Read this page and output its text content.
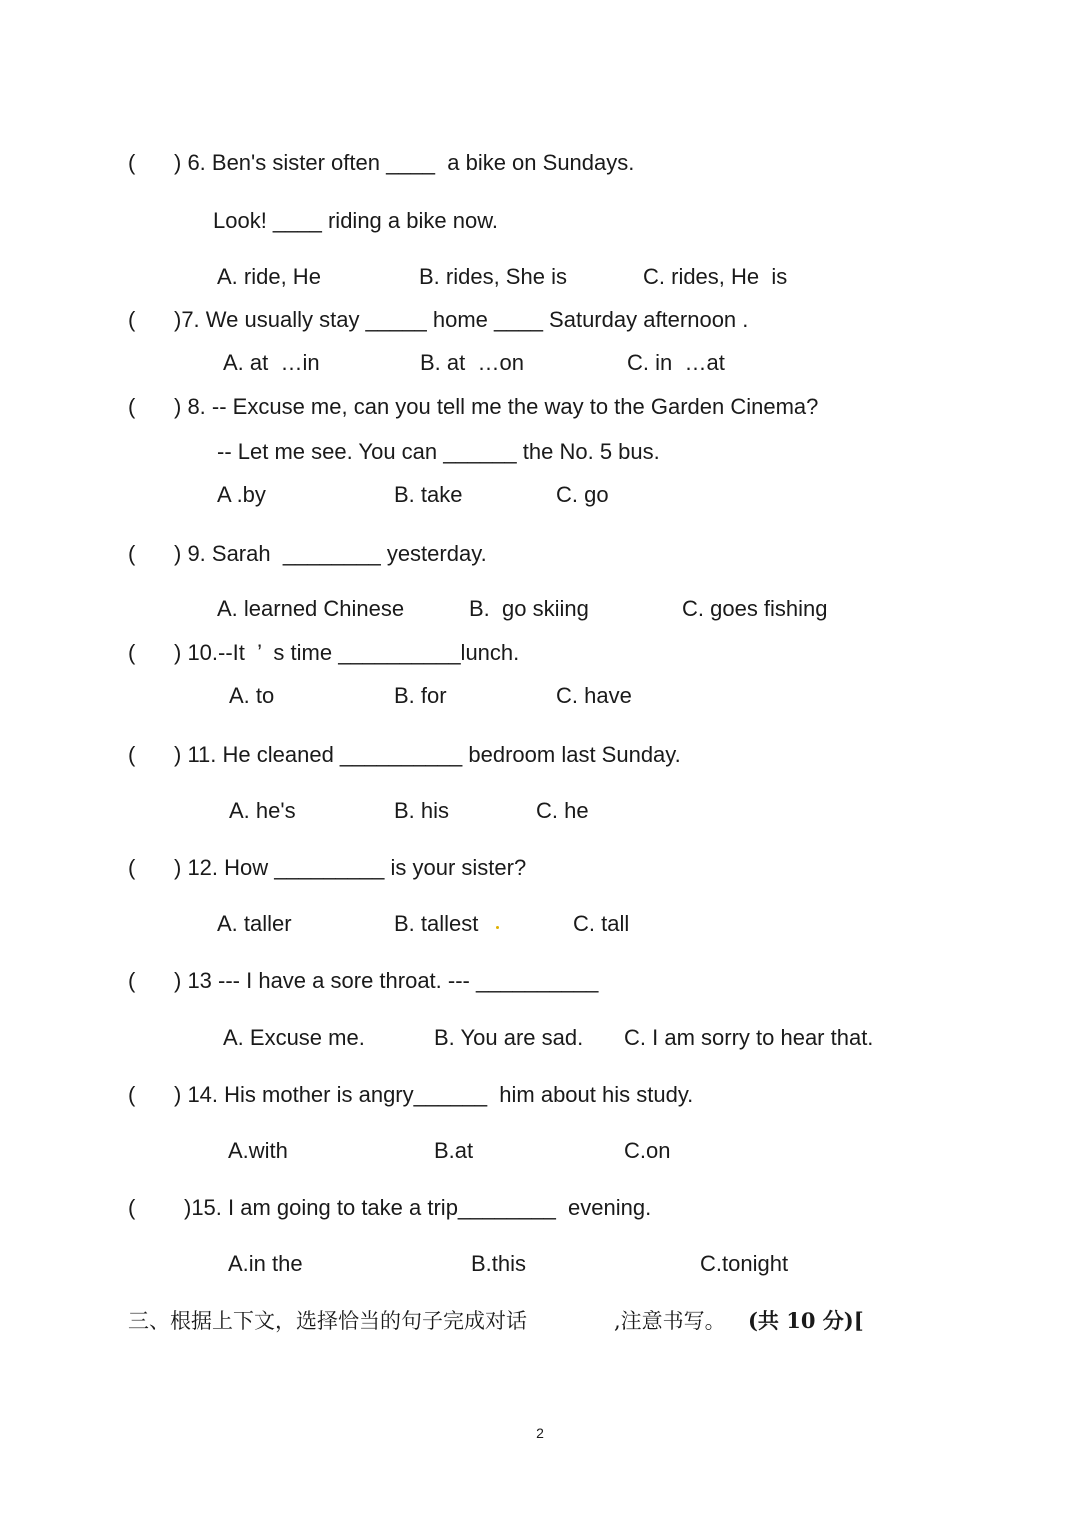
( ) 6. Ben's sister often ____  a bike on Sundays.
Look! ____ riding a bike now.
A. ride, He	B. rides, She is	C. rides, He  is
( )7. We usually stay _____ home ____ Saturday afternoon .
A. at  …in	B. at  …on	C. in  …at
( ) 8. -- Excuse me, can you tell me the way to the Garden Cinema?
-- Let me see. You can ______ the No. 5 bus.
A .by	B. take	C. go
( ) 9. Sarah  ________ yesterday.
A. learned Chinese	B.  go skiing	C. goes fishing
( ) 10.--It  ’  s time __________lunch.
A. to	B. for	C. have
( ) 11. He cleaned __________ bedroom last Sunday.
A. he's	B. his	C. he
( ) 12. How _________ is your sister?
A. taller	B. tallest	C. tall
( ) 13 --- I have a sore throat. --- __________
A. Excuse me.	B. You are sad. C. I am sorry to hear that.
( ) 14. His mother is angry______  him about his study.
A.with	B.at	C.on
( )15. I am going to take a trip________  evening.
A.in the	B.this	C.tonight
三、根据上下文，选择恰当的句子完成对话	,注意书写。 (共 10 分)[
2
